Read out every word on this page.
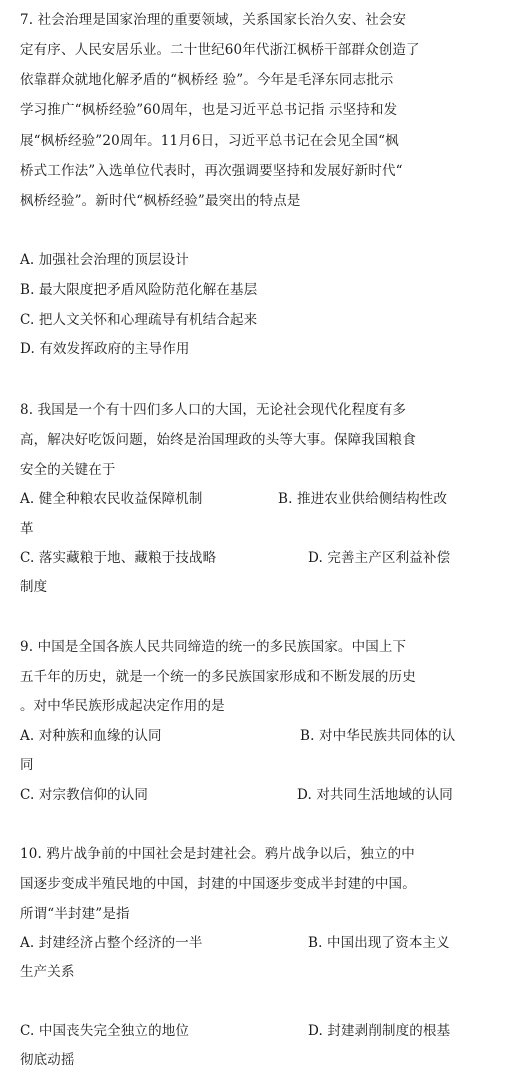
7. 社会治理是国家治理的重要领域，关系国家长治久安、社会安
定有序、人民安居乐业。二十世纪60年代浙江枫桥干部群众创造了
依靠群众就地化解矛盾的“枫桥经 验”。今年是毛泽东同志批示
学习推广“枫桥经验”60周年，也是习近平总书记指 示坚持和发
展“枫桥经验”20周年。11月6日，习近平总书记在会见全国“枫
桥式工作法”入选单位代表时，再次强调要坚持和发展好新时代“
枫桥经验”。新时代“枫桥经验”最突出的特点是
A. 加强社会治理的顶层设计
B. 最大限度把矛盾风险防范化解在基层
C. 把人文关怀和心理疏导有机结合起来
D. 有效发挥政府的主导作用
8. 我国是一个有十四们多人口的大国，无论社会现代化程度有多
高，解决好吃饭问题，始终是治国理政的头等大事。保障我国粮食
安全的关键在于
A. 健全种粮农民收益保障机制	B. 推进农业供给侧结构性改
革
C. 落实藏粮于地、藏粮于技战略	D. 完善主产区利益补偿
制度
9. 中国是全国各族人民共同缔造的统一的多民族国家。中国上下
五千年的历史，就是一个统一的多民族国家形成和不断发展的历史
。对中华民族形成起决定作用的是
A. 对种族和血缘的认同	B. 对中华民族共同体的认
同
C. 对宗教信仰的认同	D. 对共同生活地域的认同
10. 鸦片战争前的中国社会是封建社会。鸦片战争以后，独立的中
国逐步变成半殖民地的中国，封建的中国逐步变成半封建的中国。
所谓“半封建”是指
A. 封建经济占整个经济的一半	B. 中国出现了资本主义
生产关系
C. 中国丧失完全独立的地位	D. 封建剥削制度的根基
彻底动摇
